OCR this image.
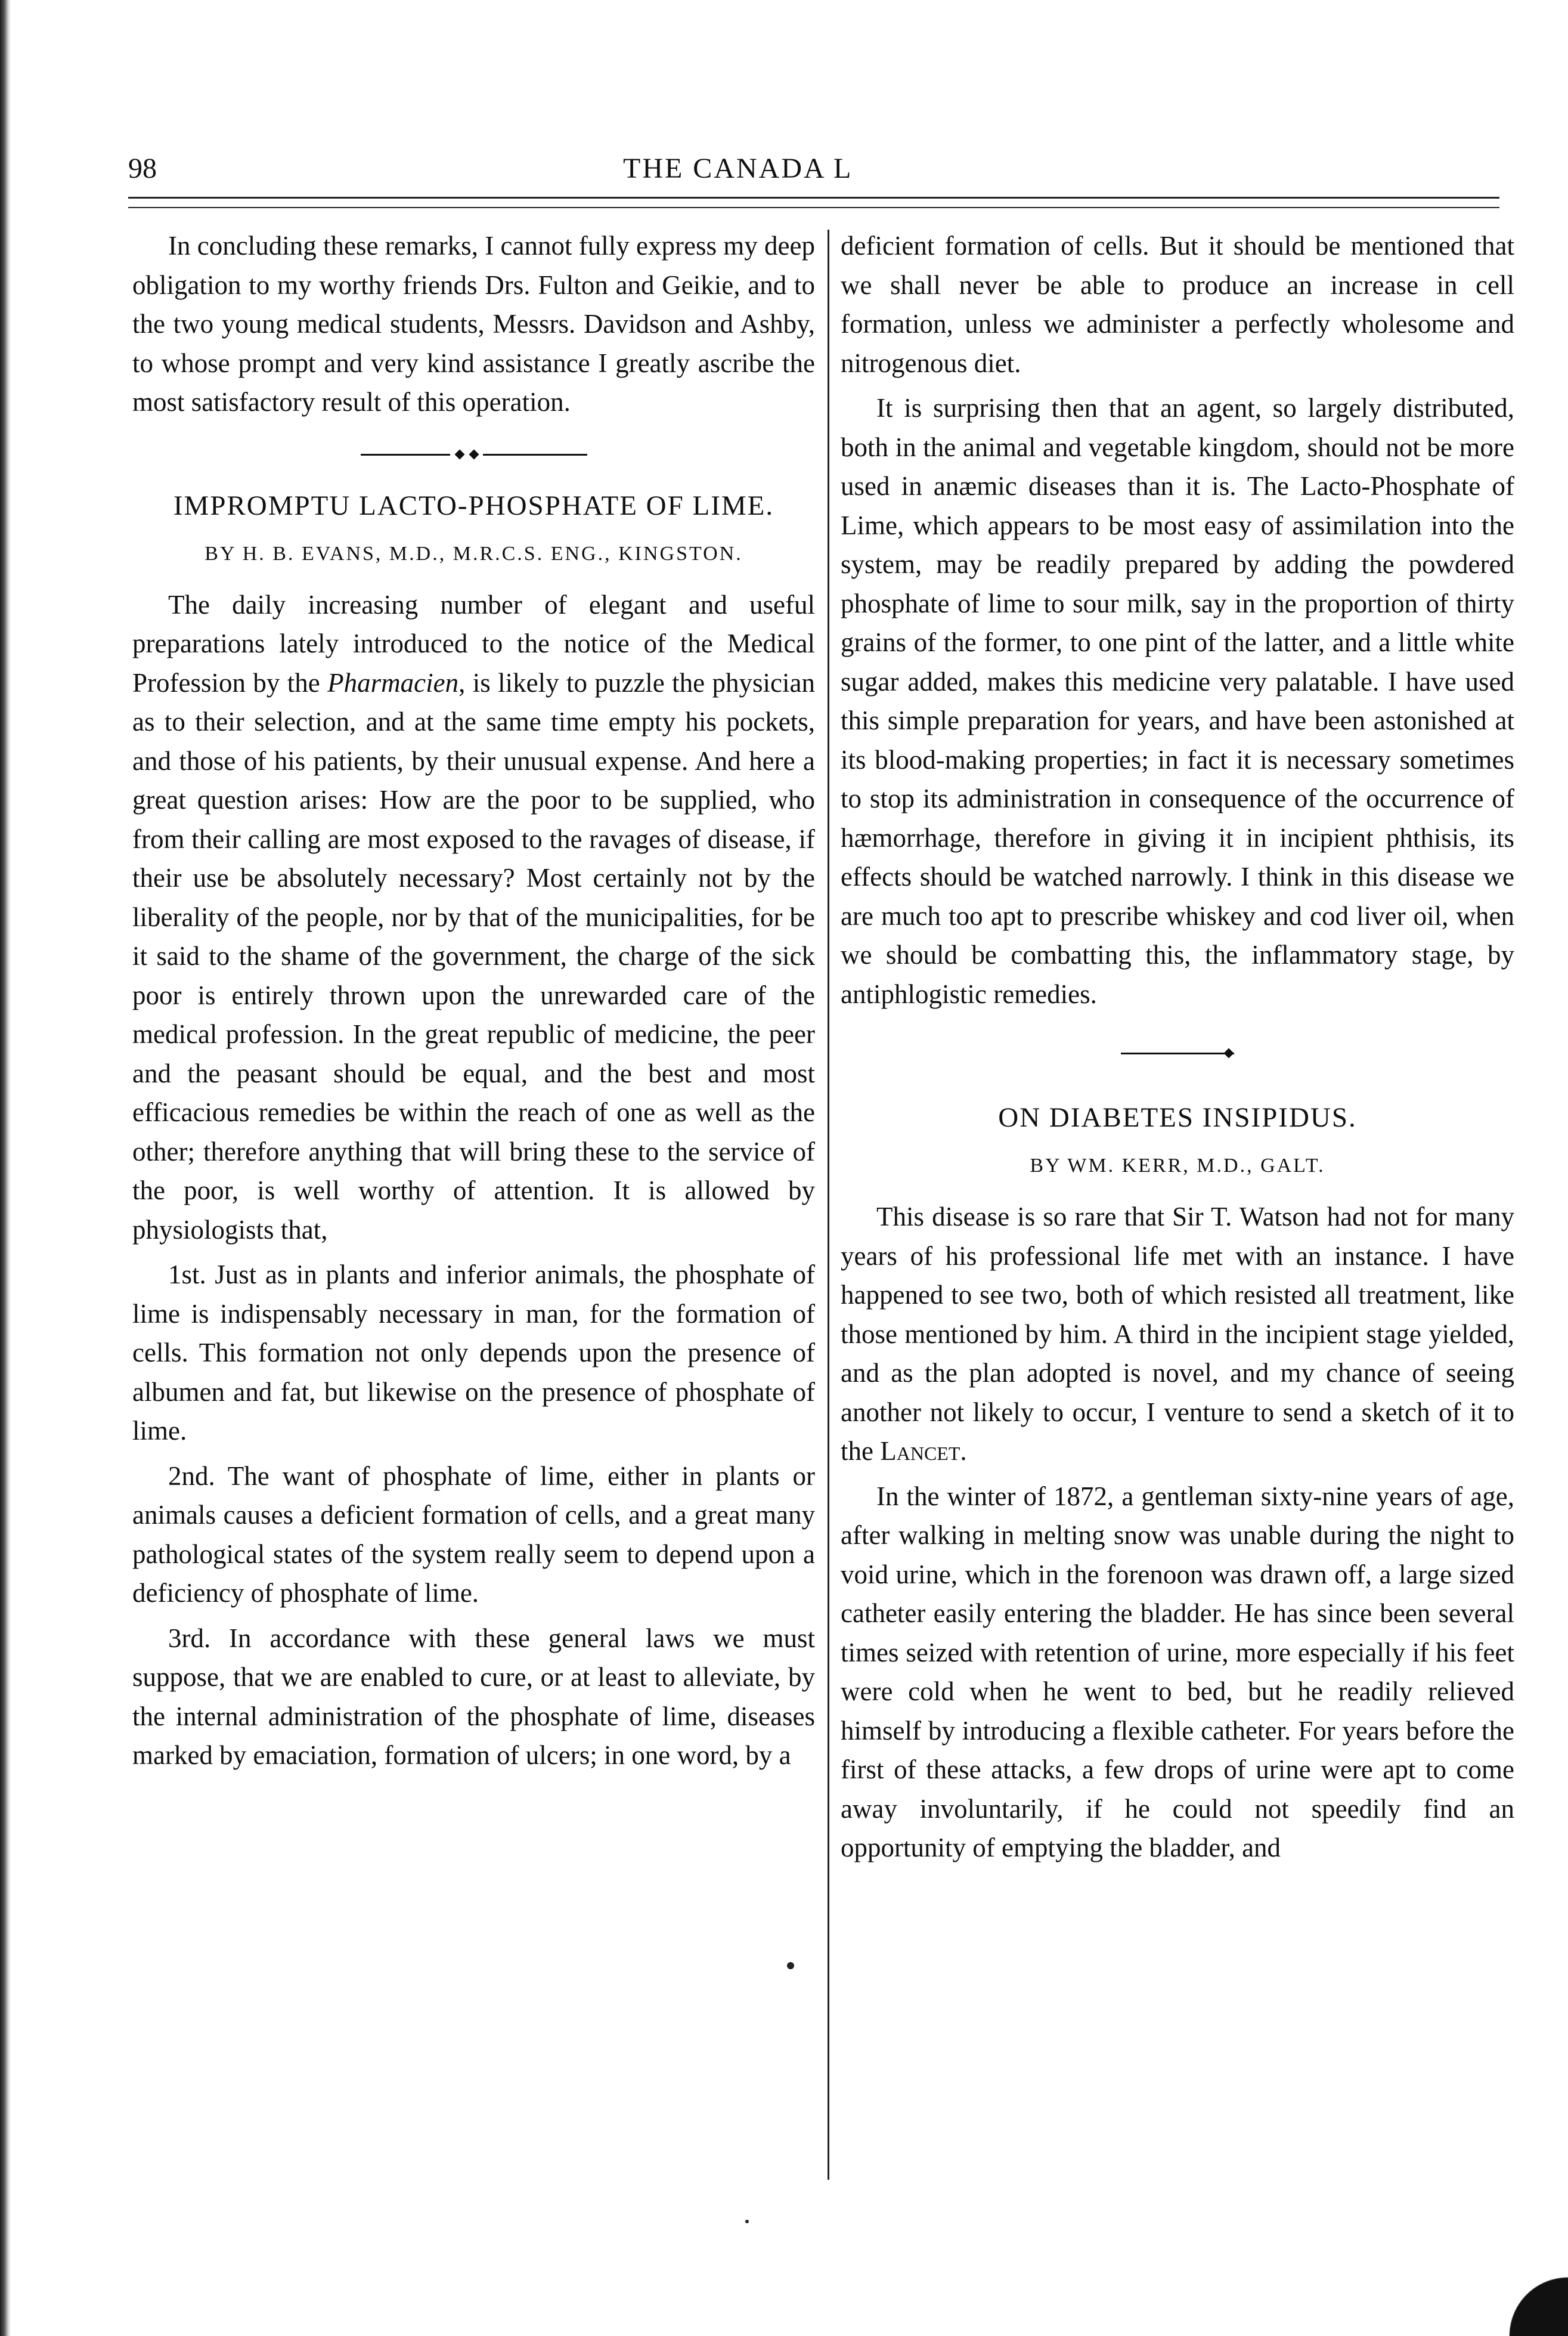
98	THE CANADA L

In concluding these remarks, I cannot fully express my deep obligation to my worthy friends Drs. Fulton and Geikie, and to the two young medical students, Messrs. Davidson and Ashby, to whose prompt and very kind assistance I greatly ascribe the most satisfactory result of this operation.

IMPROMPTU LACTO-PHOSPHATE OF LIME.
BY H. B. EVANS, M.D., M.R.C.S. ENG., KINGSTON.

The daily increasing number of elegant and useful preparations lately introduced to the notice of the Medical Profession by the Pharmacien, is likely to puzzle the physician as to their selection, and at the same time empty his pockets, and those of his patients, by their unusual expense. And here a great question arises: How are the poor to be supplied, who from their calling are most exposed to the ravages of disease, if their use be absolutely necessary? Most certainly not by the liberality of the people, nor by that of the municipalities, for be it said to the shame of the government, the charge of the sick poor is entirely thrown upon the unrewarded care of the medical profession. In the great republic of medicine, the peer and the peasant should be equal, and the best and most efficacious remedies be within the reach of one as well as the other; therefore anything that will bring these to the service of the poor, is well worthy of attention. It is allowed by physiologists that,

1st. Just as in plants and inferior animals, the phosphate of lime is indispensably necessary in man, for the formation of cells. This formation not only depends upon the presence of albumen and fat, but likewise on the presence of phosphate of lime.

2nd. The want of phosphate of lime, either in plants or animals causes a deficient formation of cells, and a great many pathological states of the system really seem to depend upon a deficiency of phosphate of lime.

3rd. In accordance with these general laws we must suppose, that we are enabled to cure, or at least to alleviate, by the internal administration of the phosphate of lime, diseases marked by emaciation, formation of ulcers; in one word, by a

deficient formation of cells. But it should be mentioned that we shall never be able to produce an increase in cell formation, unless we administer a perfectly wholesome and nitrogenous diet.

It is surprising then that an agent, so largely distributed, both in the animal and vegetable kingdom, should not be more used in anæmic diseases than it is. The Lacto-Phosphate of Lime, which appears to be most easy of assimilation into the system, may be readily prepared by adding the powdered phosphate of lime to sour milk, say in the proportion of thirty grains of the former, to one pint of the latter, and a little white sugar added, makes this medicine very palatable. I have used this simple preparation for years, and have been astonished at its blood-making properties; in fact it is necessary sometimes to stop its administration in consequence of the occurrence of hæmorrhage, therefore in giving it in incipient phthisis, its effects should be watched narrowly. I think in this disease we are much too apt to prescribe whiskey and cod liver oil, when we should be combatting this, the inflammatory stage, by antiphlogistic remedies.

ON DIABETES INSIPIDUS.
BY WM. KERR, M.D., GALT.

This disease is so rare that Sir T. Watson had not for many years of his professional life met with an instance. I have happened to see two, both of which resisted all treatment, like those mentioned by him. A third in the incipient stage yielded, and as the plan adopted is novel, and my chance of seeing another not likely to occur, I venture to send a sketch of it to the Lancet.

In the winter of 1872, a gentleman sixty-nine years of age, after walking in melting snow was unable during the night to void urine, which in the forenoon was drawn off, a large sized catheter easily entering the bladder. He has since been several times seized with retention of urine, more especially if his feet were cold when he went to bed, but he readily relieved himself by introducing a flexible catheter. For years before the first of these attacks, a few drops of urine were apt to come away involuntarily, if he could not speedily find an opportunity of emptying the bladder, and
